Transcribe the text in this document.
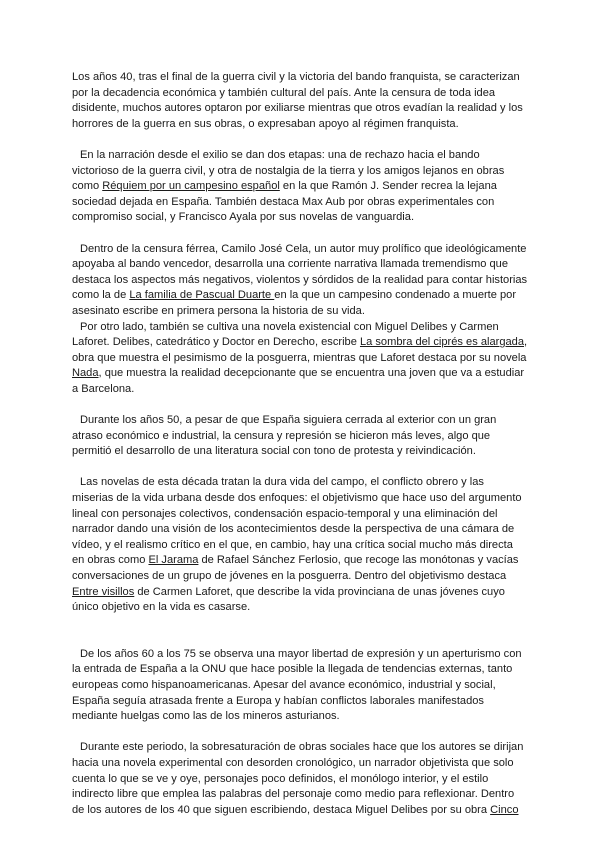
Los años 40, tras el final de la guerra civil y la victoria del bando franquista, se caracterizan por la decadencia económica y también cultural del país. Ante la censura de toda idea disidente, muchos autores optaron por exiliarse mientras que otros evadían la realidad y los horrores de la guerra en sus obras, o expresaban apoyo al régimen franquista.

En la narración desde el exilio se dan dos etapas: una de rechazo hacia el bando victorioso de la guerra civil, y otra de nostalgia de la tierra y los amigos lejanos en obras como Réquiem por un campesino español en la que Ramón J. Sender recrea la lejana sociedad dejada en España. También destaca Max Aub por obras experimentales con compromiso social, y Francisco Ayala por sus novelas de vanguardia.

Dentro de la censura férrea, Camilo José Cela, un autor muy prolífico que ideológicamente apoyaba al bando vencedor, desarrolla una corriente narrativa llamada tremendismo que destaca los aspectos más negativos, violentos y sórdidos de la realidad para contar historias como la de La familia de Pascual Duarte en la que un campesino condenado a muerte por asesinato escribe en primera persona la historia de su vida.

Por otro lado, también se cultiva una novela existencial con Miguel Delibes y Carmen Laforet. Delibes, catedrático y Doctor en Derecho, escribe La sombra del ciprés es alargada, obra que muestra el pesimismo de la posguerra, mientras que Laforet destaca por su novela Nada, que muestra la realidad decepcionante que se encuentra una joven que va a estudiar a Barcelona.

Durante los años 50, a pesar de que España siguiera cerrada al exterior con un gran atraso económico e industrial, la censura y represión se hicieron más leves, algo que permitió el desarrollo de una literatura social con tono de protesta y reivindicación.

Las novelas de esta década tratan la dura vida del campo, el conflicto obrero y las miserias de la vida urbana desde dos enfoques: el objetivismo que hace uso del argumento lineal con personajes colectivos, condensación espacio-temporal y una eliminación del narrador dando una visión de los acontecimientos desde la perspectiva de una cámara de vídeo, y el realismo crítico en el que, en cambio, hay una crítica social mucho más directa en obras como El Jarama de Rafael Sánchez Ferlosio, que recoge las monótonas y vacías conversaciones de un grupo de jóvenes en la posguerra. Dentro del objetivismo destaca Entre visillos de Carmen Laforet, que describe la vida provinciana de unas jóvenes cuyo único objetivo en la vida es casarse.

De los años 60 a los 75 se observa una mayor libertad de expresión y un aperturismo con la entrada de España a la ONU que hace posible la llegada de tendencias externas, tanto europeas como hispanoamericanas. Apesar del avance económico, industrial y social, España seguía atrasada frente a Europa y habían conflictos laborales manifestados mediante huelgas como las de los mineros asturianos.

Durante este periodo, la sobresaturación de obras sociales hace que los autores se dirijan hacia una novela experimental con desorden cronológico, un narrador objetivista que solo cuenta lo que se ve y oye, personajes poco definidos, el monólogo interior, y el estilo indirecto libre que emplea las palabras del personaje como medio para reflexionar. Dentro de los autores de los 40 que siguen escribiendo, destaca Miguel Delibes por su obra Cinco
